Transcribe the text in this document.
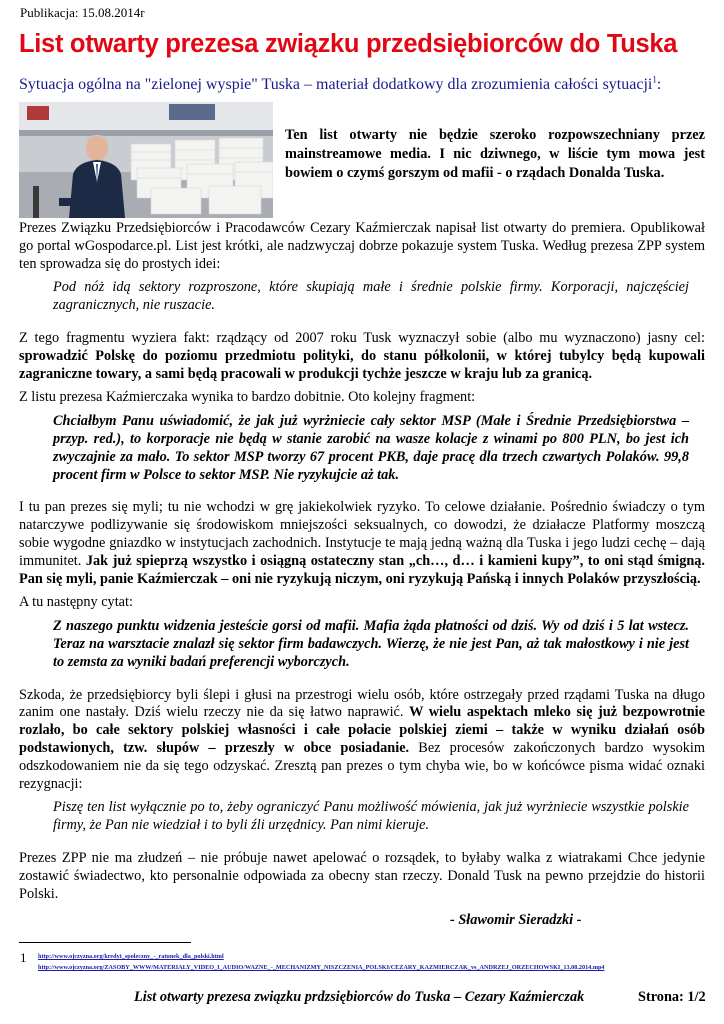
Publikacja: 15.08.2014r
List otwarty prezesa związku przedsiębiorców do Tuska
Sytuacja ogólna na "zielonej wyspie" Tuska – materiał dodatkowy dla zrozumienia całości sytuacji$^1$:
Ten list otwarty nie będzie szeroko rozpowszechniany przez mainstreamowe media. I nic dziwnego, w liście tym mowa jest bowiem o czymś gorszym od mafii - o rządach Donalda Tuska.

Prezes Związku Przedsiębiorców i Pracodawców Cezary Kaźmierczak napisał list otwarty do premiera. Opublikował go portal wGospodarce.pl. List jest krótki, ale nadzwyczaj dobrze pokazuje system Tuska. Według prezesa ZPP system ten sprowadza się do prostych idei:

Pod nóż idą sektory rozproszone, które skupiają małe i średnie polskie firmy. Korporacji, najczęściej zagranicznych, nie ruszacie.

Z tego fragmentu wyziera fakt: rządzący od 2007 roku Tusk wyznaczył sobie (albo mu wyznaczono) jasny cel: sprowadzić Polskę do poziomu przedmiotu polityki, do stanu półkolonii, w której tubylcy będą kupowali zagraniczne towary, a sami będą pracowali w produkcji tychże jeszcze w kraju lub za granicą.

Z listu prezesa Kaźmierczaka wynika to bardzo dobitnie. Oto kolejny fragment:

Chciałbym Panu uświadomić, że jak już wyrżniecie cały sektor MSP (Małe i Średnie Przedsiębiorstwa – przyp. red.), to korporacje nie będą w stanie zarobić na wasze kolacje z winami po 800 PLN, bo jest ich zwyczajnie za mało. To sektor MSP tworzy 67 procent PKB, daje pracę dla trzech czwartych Polaków. 99,8 procent firm w Polsce to sektor MSP. Nie ryzykujcie aż tak.

I tu pan prezes się myli; tu nie wchodzi w grę jakiekolwiek ryzyko. To celowe działanie. Pośrednio świadczy o tym natarczywe podlizywanie się środowiskom mniejszości seksualnych, co dowodzi, że działacze Platformy moszczą sobie wygodne gniazdko w instytucjach zachodnich. Instytucje te mają jedną ważną dla Tuska i jego ludzi cechę – dają immunitet. Jak już spieprzą wszystko i osiągną ostateczny stan „ch…, d… i kamieni kupy”, to oni stąd śmigną. Pan się myli, panie Kaźmierczak – oni nie ryzykują niczym, oni ryzykują Pańską i innych Polaków przyszłością.

A tu następny cytat:

Z naszego punktu widzenia jesteście gorsi od mafii. Mafia żąda płatności od dziś. Wy od dziś i 5 lat wstecz. Teraz na warsztacie znalazł się sektor firm badawczych. Wierzę, że nie jest Pan, aż tak małostkowy i nie jest to zemsta za wyniki badań preferencji wyborczych.

Szkoda, że przedsiębiorcy byli ślepi i głusi na przestrogi wielu osób, które ostrzegały przed rządami Tuska na długo zanim one nastały. Dziś wielu rzeczy nie da się łatwo naprawić. W wielu aspektach mleko się już bezpowrotnie rozlało, bo całe sektory polskiej własności i całe połacie polskiej ziemi – także w wyniku działań osób podstawionych, tzw. słupów – przeszły w obce posiadanie. Bez procesów zakończonych bardzo wysokim odszkodowaniem nie da się tego odzyskać. Zresztą pan prezes o tym chyba wie, bo w końcówce pisma widać oznaki rezygnacji:

Piszę ten list wyłącznie po to, żeby ograniczyć Panu możliwość mówienia, jak już wyrżniecie wszystkie polskie firmy, że Pan nie wiedział i to byli źli urzędnicy. Pan nimi kieruje.

Prezes ZPP nie ma złudzeń – nie próbuje nawet apelować o rozsądek, to byłaby walka z wiatrakami Chce jedynie zostawić świadectwo, kto personalnie odpowiada za obecny stan rzeczy. Donald Tusk na pewno przejdzie do historii Polski.

- Sławomir Sieradzki -
1 http://www.ojczyzna.org/kredyt_spoleczny_-_ratunek_dla_polski.html
http://www.ojczyzna.org/ZASOBY_WWW/MATERIALY_VIDEO_I_AUDIO/WAZNE_-_MECHANIZMY_NISZCZENIA_POLSKI/CEZARY_KAZMIERCZAK_vs_ANDRZEJ_ORZECHOWSKI_13.08.2014.mp4
List otwarty prezesa związku prdzsiębiorców do Tuska – Cezary Kaźmierczak	Strona: 1/2
